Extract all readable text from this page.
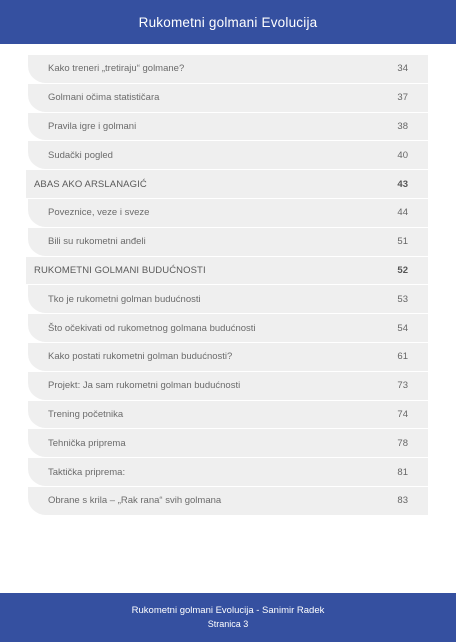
Rukometni golmani Evolucija
Kako treneri „tretiraju“ golmane?	34
Golmani očima statističara	37
Pravila igre i golmani	38
Sudački pogled	40
ABAS AKO ARSLANAGIĆ	43
Poveznice, veze i sveze	44
Bili su rukometni anđeli	51
RUKOMETNI GOLMANI BUDUĆNOSTI	52
Tko je rukometni golman budućnosti	53
Što očekivati od rukometnog golmana budućnosti	54
Kako postati rukometni golman budućnosti?	61
Projekt: Ja sam rukometni golman budućnosti	73
Trening početnika	74
Tehnička priprema	78
Taktička priprema:	81
Obrane s krila – „Rak rana“ svih golmana	83
Rukometni golmani Evolucija - Sanimir Radek
Stranica 3
